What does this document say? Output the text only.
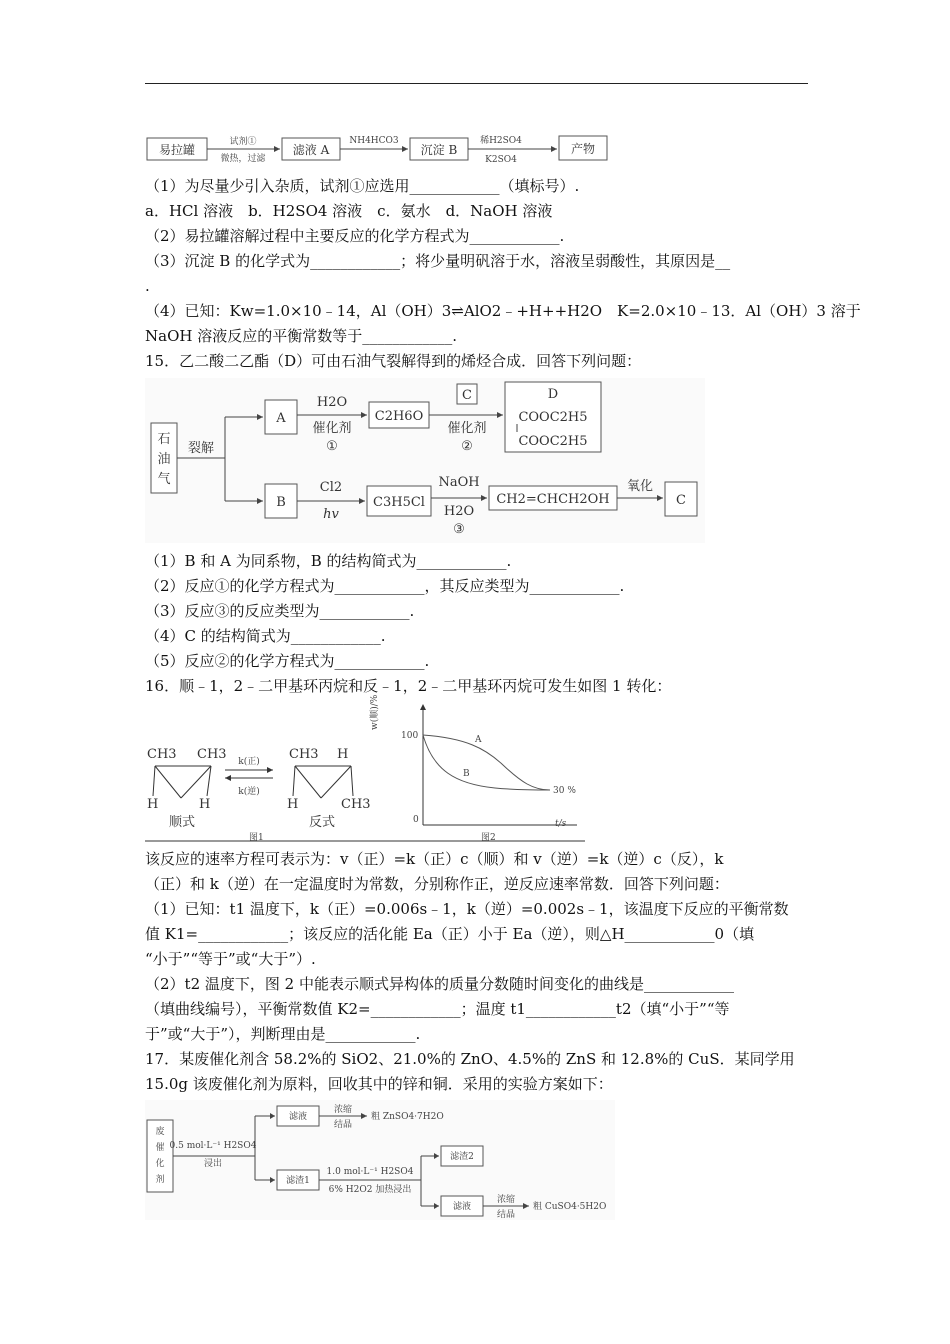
易拉罐
试剂①
微热，过滤
滤液 A
NH4HCO3
沉淀 B
稀H2SO4
K2SO4
产物
（1）为尽量少引入杂质，试剂①应选用____________（填标号）.
a．HCl 溶液　b．H2SO4 溶液　c．氨水　d．NaOH 溶液
（2）易拉罐溶解过程中主要反应的化学方程式为____________.
（3）沉淀 B 的化学式为____________；将少量明矾溶于水，溶液呈弱酸性，其原因是__
.
（4）已知：Kw=1.0×10﹣14，Al（OH）3⇌AlO2﹣+H++H2O　K=2.0×10﹣13．Al（OH）3 溶于
NaOH 溶液反应的平衡常数等于____________.
15．乙二酸二乙酯（D）可由石油气裂解得到的烯烃合成．回答下列问题：
石
油
气
裂解
A
B
H2O
催化剂
①
C2H6O
C
催化剂
②
D
COOC2H5
COOC2H5
Cl2
hv
C3H5Cl
NaOH
H2O
③
CH2=CHCH2OH
氧化
C
（1）B 和 A 为同系物，B 的结构简式为____________.
（2）反应①的化学方程式为____________，其反应类型为____________.
（3）反应③的反应类型为____________.
（4）C 的结构简式为____________.
（5）反应②的化学方程式为____________.
16．顺﹣1，2﹣二甲基环丙烷和反﹣1，2﹣二甲基环丙烷可发生如图 1 转化：
CH3 CH3
H	H
顺式
k(正)
k(逆)
CH3 H
H	CH3
反式
图1
w(顺)/%
100
0	t/s
A
B
30 %
图2
该反应的速率方程可表示为：v（正）=k（正）c（顺）和 v（逆）=k（逆）c（反），k
（正）和 k（逆）在一定温度时为常数，分别称作正，逆反应速率常数．回答下列问题：
（1）已知：t1 温度下，k（正）=0.006s﹣1，k（逆）=0.002s﹣1，该温度下反应的平衡常数
值 K1=____________；该反应的活化能 Ea（正）小于 Ea（逆），则△H____________0（填
“小于”“等于”或“大于”）.
（2）t2 温度下，图 2 中能表示顺式异构体的质量分数随时间变化的曲线是____________
（填曲线编号），平衡常数值 K2=____________；温度 t1____________t2（填“小于”“等
于”或“大于”），判断理由是____________.
17．某废催化剂含 58.2%的 SiO2、21.0%的 ZnO、4.5%的 ZnS 和 12.8%的 CuS．某同学用
15.0g 该废催化剂为原料，回收其中的锌和铜．采用的实验方案如下：
废
催
化
剂
0.5 mol·L⁻¹ H2SO4
浸出
滤液
浓缩
结晶
粗 ZnSO4·7H2O
滤渣1
1.0 mol·L⁻¹ H2SO4
6% H2O2 加热浸出
滤渣2
滤液
浓缩
结晶
粗 CuSO4·5H2O
